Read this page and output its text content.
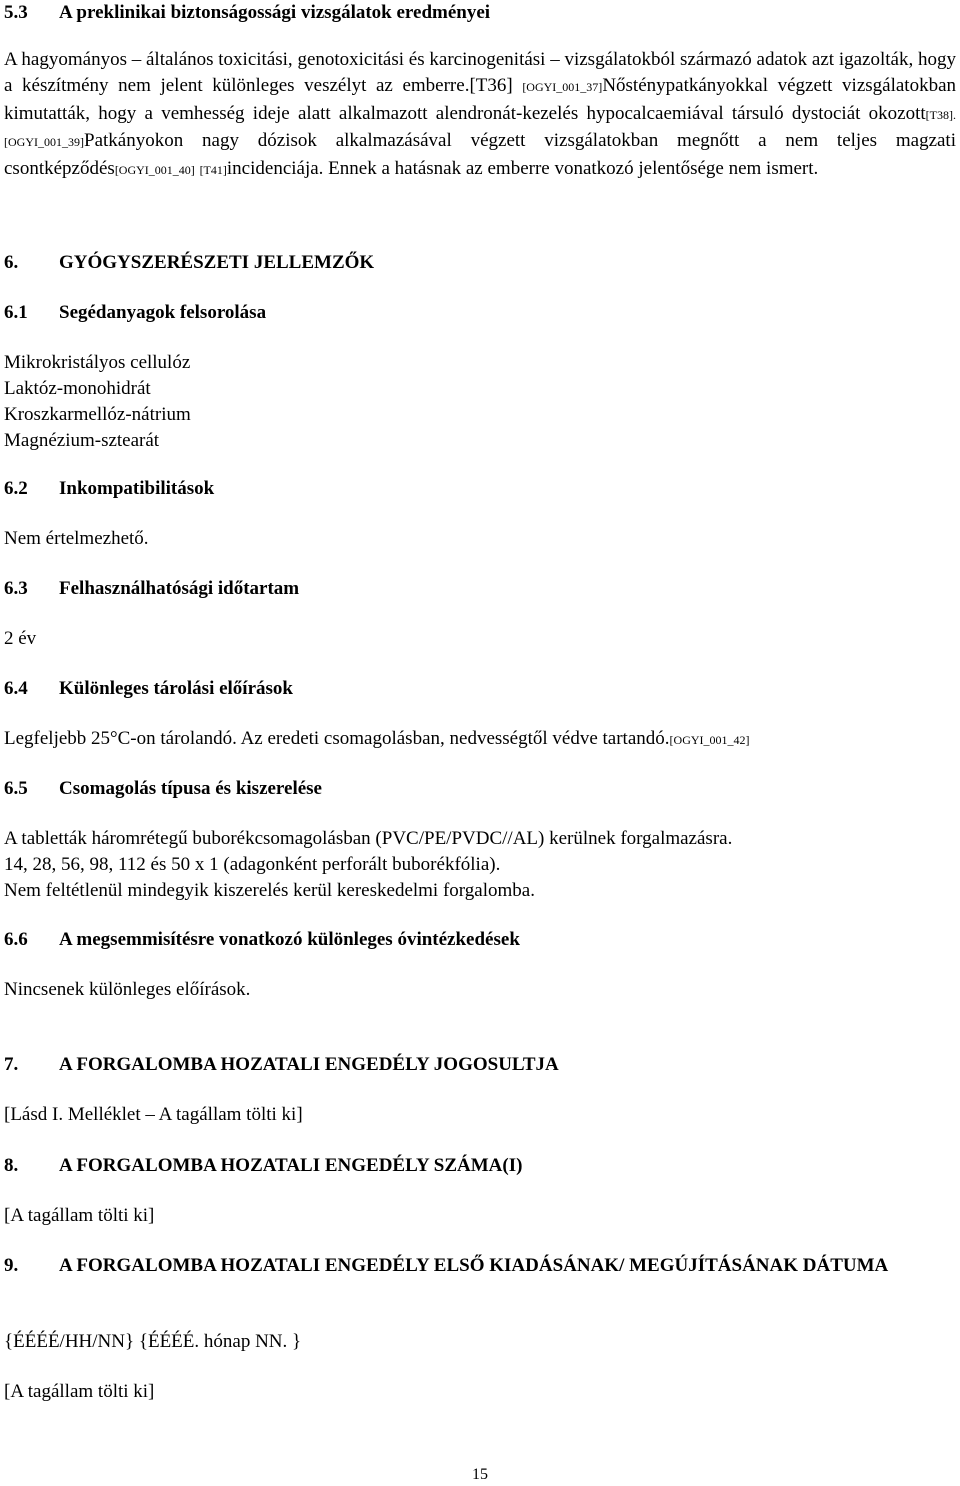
5.3 A preklinikai biztonságossági vizsgálatok eredményei

A hagyományos – általános toxicitási, genotoxicitási és karcinogenitási – vizsgálatokból származó adatok azt igazolták, hogy a készítmény nem jelent különleges veszélyt az emberre.[T36] [OGYI_001_37]Nősténypatkányokkal végzett vizsgálatokban kimutatták, hogy a vemhesség ideje alatt alkalmazott alendronát-kezelés hypocalcaemiával társuló dystociát okozott[T38]. [OGYI_001_39]Patkányokon nagy dózisok alkalmazásával végzett vizsgálatokban megnőtt a nem teljes magzati csontképződés[OGYI_001_40] [T41]incidenciája. Ennek a hatásnak az emberre vonatkozó jelentősége nem ismert.

6. GYÓGYSZERÉSZETI JELLEMZŐK
6.1 Segédanyagok felsorolása
Mikrokristályos cellulóz
Laktóz-monohidrát
Kroszkarmellóz-nátrium
Magnézium-sztearát
6.2 Inkompatibilitások
Nem értelmezhető.
6.3 Felhasználhatósági időtartam
2 év
6.4 Különleges tárolási előírások
Legfeljebb 25°C-on tárolandó. Az eredeti csomagolásban, nedvességtől védve tartandó.[OGYI_001_42]
6.5 Csomagolás típusa és kiszerelése
A tabletták háromrétegű buborékcsomagolásban (PVC/PE/PVDC//AL) kerülnek forgalmazásra.
14, 28, 56, 98, 112 és 50 x 1 (adagonként perforált buborékfólia).
Nem feltétlenül mindegyik kiszerelés kerül kereskedelmi forgalomba.
6.6 A megsemmisítésre vonatkozó különleges óvintézkedések
Nincsenek különleges előírások.
7. A FORGALOMBA HOZATALI ENGEDÉLY JOGOSULTJA
[Lásd I. Melléklet – A tagállam tölti ki]
8. A FORGALOMBA HOZATALI ENGEDÉLY SZÁMA(I)
[A tagállam tölti ki]
9. A FORGALOMBA HOZATALI ENGEDÉLY ELSŐ KIADÁSÁNAK/ MEGÚJÍTÁSÁNAK DÁTUMA
{ÉÉÉÉ/HH/NN} {ÉÉÉÉ. hónap NN. }
[A tagállam tölti ki]
15
